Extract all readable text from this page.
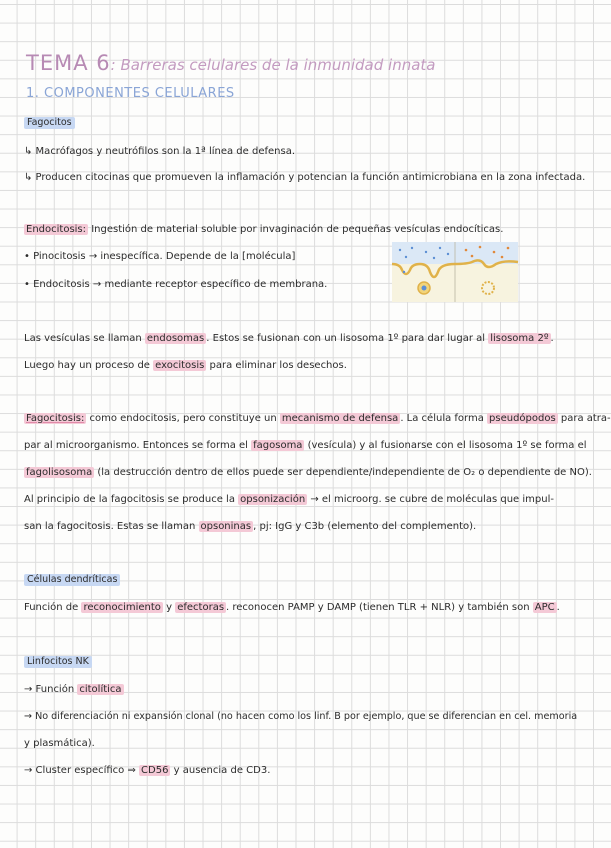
TEMA 6: Barreras celulares de la inmunidad innata
1. COMPONENTES CELULARES
Fagocitos
↳ Macrófagos y neutrófilos son la 1ª línea de defensa.
↳ Producen citocinas que promueven la inflamación y potencian la función antimicrobiana en la zona infectada.
Endocitosis: Ingestión de material soluble por invaginación de pequeñas vesículas endocíticas.
• Pinocitosis → inespecífica. Depende de la [molécula]
• Endocitosis → mediante receptor específico de membrana.
Las vesículas se llaman endosomas . Estos se fusionan con un lisosoma 1º para dar lugar al lisosoma 2º .
Luego hay un proceso de exocitosis para eliminar los desechos.
Fagocitosis: como endocitosis, pero constituye un mecanismo de defensa . La célula forma pseudópodos para atra-
par al microorganismo. Entonces se forma el fagosoma (vesícula) y al fusionarse con el lisosoma 1º se forma el
fagolisosoma (la destrucción dentro de ellos puede ser dependiente/independiente de O₂ o dependiente de NO).
Al principio de la fagocitosis se produce la opsonización → el microorg. se cubre de moléculas que impul-
san la fagocitosis. Estas se llaman opsoninas , pj: IgG y C3b (elemento del complemento).
Células dendríticas
Función de reconocimiento y efectoras . reconocen PAMP y DAMP (tienen TLR + NLR) y también son APC .
Linfocitos NK
→ Función citolítica
→ No diferenciación ni expansión clonal (no hacen como los linf. B por ejemplo, que se diferencian en cel. memoria
y plasmática).
→ Cluster específico ⇒ CD56 y ausencia de CD3.
